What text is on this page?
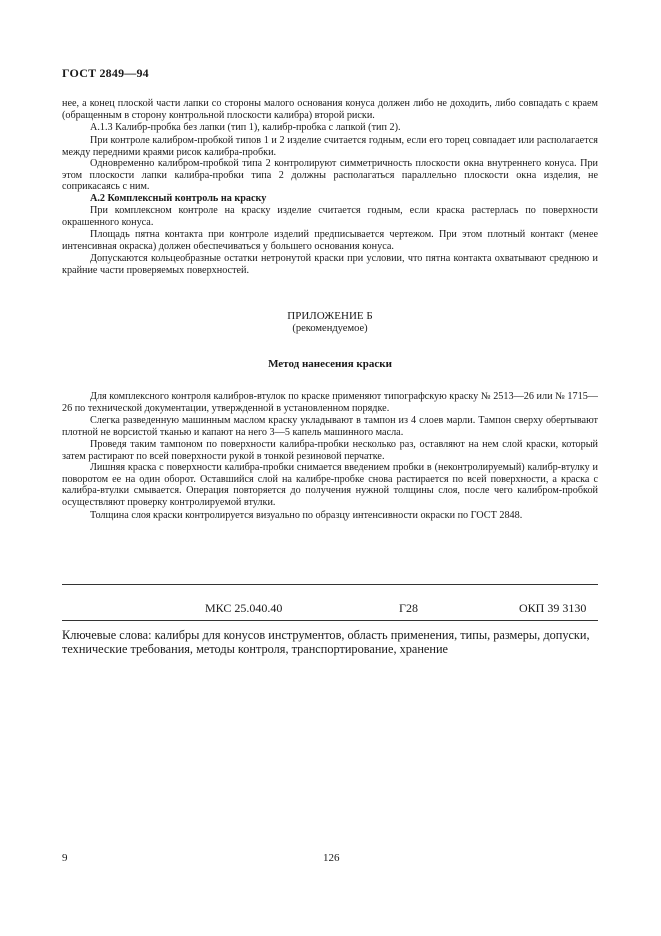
ГОСТ 2849—94
нее, а конец плоской части лапки со стороны малого основания конуса должен либо не доходить, либо совпадать с краем (обращенным в сторону контрольной плоскости калибра) второй риски.
А.1.3 Калибр-пробка без лапки (тип 1), калибр-пробка с лапкой (тип 2).
При контроле калибром-пробкой типов 1 и 2 изделие считается годным, если его торец совпадает или располагается между передними краями рисок калибра-пробки.
Одновременно калибром-пробкой типа 2 контролируют симметричность плоскости окна внутреннего конуса. При этом плоскости лапки калибра-пробки типа 2 должны располагаться параллельно плоскости окна изделия, не соприкасаясь с ним.
А.2 Комплексный контроль на краску
При комплексном контроле на краску изделие считается годным, если краска растерлась по поверхности окрашенного конуса.
Площадь пятна контакта при контроле изделий предписывается чертежом. При этом плотный контакт (менее интенсивная окраска) должен обеспечиваться у большего основания конуса.
Допускаются кольцеобразные остатки нетронутой краски при условии, что пятна контакта охватывают среднюю и крайние части проверяемых поверхностей.
ПРИЛОЖЕНИЕ Б
(рекомендуемое)
Метод нанесения краски
Для комплексного контроля калибров-втулок по краске применяют типографскую краску № 2513—26 или № 1715—26 по технической документации, утвержденной в установленном порядке.
Слегка разведенную машинным маслом краску укладывают в тампон из 4 слоев марли. Тампон сверху обертывают плотной не ворсистой тканью и капают на него 3—5 капель машинного масла.
Проведя таким тампоном по поверхности калибра-пробки несколько раз, оставляют на нем слой краски, который затем растирают по всей поверхности рукой в тонкой резиновой перчатке.
Лишняя краска с поверхности калибра-пробки снимается введением пробки в (неконтролируемый) калибр-втулку и поворотом ее на один оборот. Оставшийся слой на калибре-пробке снова растирается по всей поверхности, а краска с калибра-втулки смывается. Операция повторяется до получения нужной толщины слоя, после чего калибром-пробкой осуществляют проверку контролируемой втулки.
Толщина слоя краски контролируется визуально по образцу интенсивности окраски по ГОСТ 2848.
МКС 25.040.40	Г28	ОКП 39 3130
Ключевые слова: калибры для конусов инструментов, область применения, типы, размеры, допуски, технические требования, методы контроля, транспортирование, хранение
9	126
